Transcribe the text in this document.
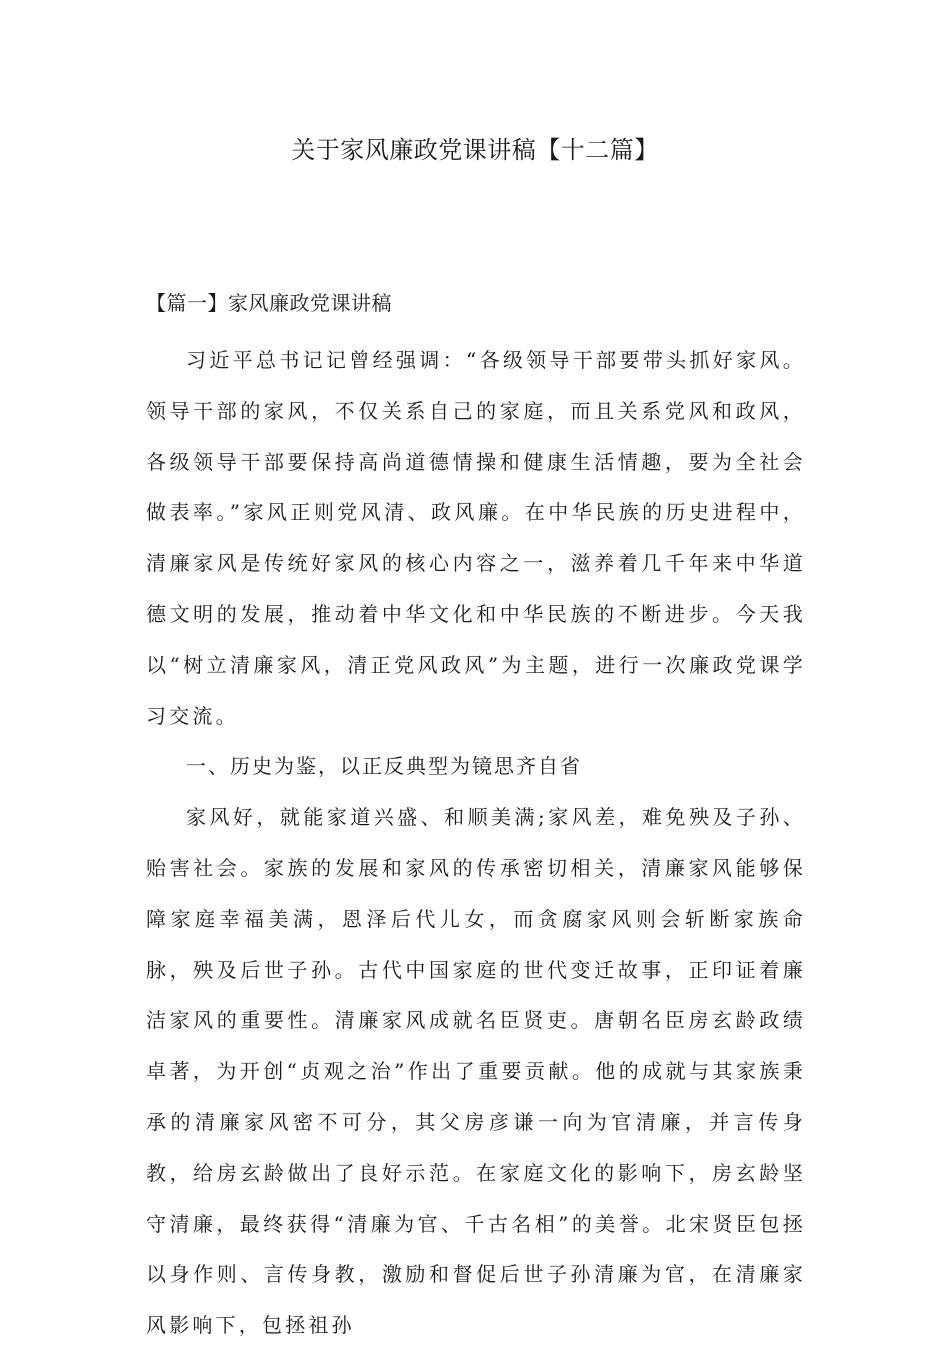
关于家风廉政党课讲稿【十二篇】
【篇一】家风廉政党课讲稿

习近平总书记记曾经强调：“各级领导干部要带头抓好家风。领导干部的家风，不仅关系自己的家庭，而且关系党风和政风，各级领导干部要保持高尚道德情操和健康生活情趣，要为全社会做表率。”家风正则党风清、政风廉。在中华民族的历史进程中，清廉家风是传统好家风的核心内容之一，滋养着几千年来中华道德文明的发展，推动着中华文化和中华民族的不断进步。今天我以“树立清廉家风，清正党风政风”为主题，进行一次廉政党课学习交流。

一、历史为鉴，以正反典型为镜思齐自省

家风好，就能家道兴盛、和顺美满;家风差，难免殃及子孙、贻害社会。家族的发展和家风的传承密切相关，清廉家风能够保障家庭幸福美满，恩泽后代儿女，而贪腐家风则会斩断家族命脉，殃及后世子孙。古代中国家庭的世代变迁故事，正印证着廉洁家风的重要性。清廉家风成就名臣贤吏。唐朝名臣房玄龄政绩卓著，为开创“贞观之治”作出了重要贡献。他的成就与其家族秉承的清廉家风密不可分，其父房彦谦一向为官清廉，并言传身教，给房玄龄做出了良好示范。在家庭文化的影响下，房玄龄坚守清廉，最终获得“清廉为官、千古名相”的美誉。北宋贤臣包拯以身作则、言传身教，激励和督促后世子孙清廉为官，在清廉家风影响下，包拯祖孙
